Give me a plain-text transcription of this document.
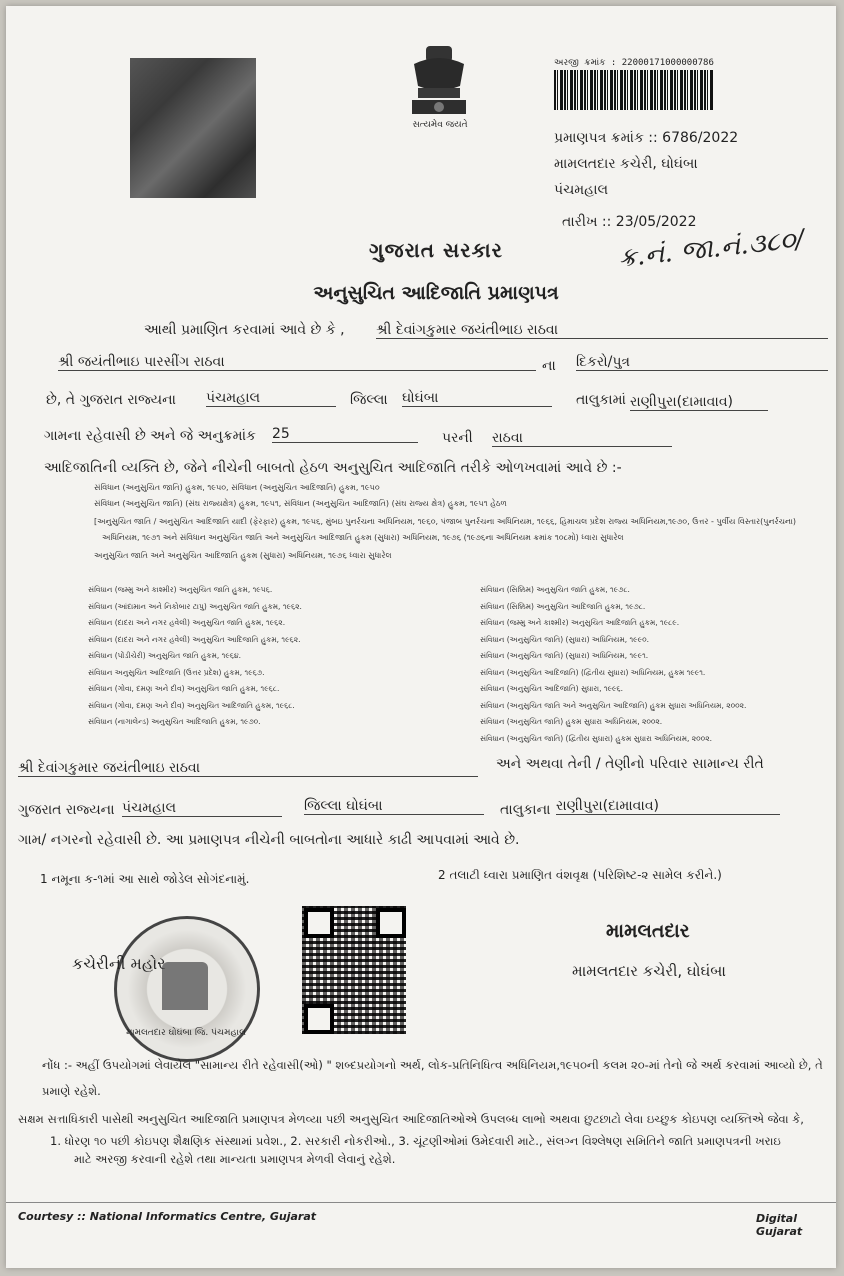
સત્યમેવ જયતે
અરજી ક્રમાંક : 22000171000000786
પ્રમાણપત્ર ક્રમાંક :: 6786/2022
મામલતદાર કચેરી, ઘોઘંબા
પંચમહાલ
તારીખ :: 23/05/2022
ગુજરાત સરકાર
અનુસુચિત આદિજાતિ પ્રમાણપત્ર
ક્ર.નં. જા.નં.૩૮૦/
આથી પ્રમાણિત કરવામાં આવે છે કે , શ્રી દેવાંગકુમાર જયંતીભાઇ રાઠવા
શ્રી જયંતીભાઇ પારસીંગ રાઠવા	ના દિકરો/પુત્ર
છે, તે ગુજરાત રાજ્યના પંચમહાલ	જિલ્લા ઘોઘંબા	તાલુકામાં રાણીપુરા(દામાવાવ)
ગામના રહેવાસી છે અને જે અનુક્રમાંક 25	પરની રાઠવા
આદિજાતિની વ્યક્તિ છે, જેને નીચેની બાબતો હેઠળ અનુસુચિત આદિજાતિ તરીકે ઓળખવામાં આવે છે :-
સંવિધાન (અનુસુચિત જાતિ) હુકમ, ૧૯૫૦, સંવિધાન (અનુસુચિત આદિજાતિ) હુકમ, ૧૯૫૦
સંવિધાન (અનુસુચિત જાતિ) (સંઘ રાજ્યક્ષેત્ર) હુકમ, ૧૯૫૧, સંવિધાન (અનુસુચિત આદિજાતિ) (સંઘ રાજ્ય ક્ષેત્ર) હુકમ, ૧૯૫૧ હેઠળ
[અનુસુચિત જાતિ / અનુસુચિત આદિજાતિ યાદી (ફેરફાર) હુકમ, ૧૯૫૬, મુંબઇ પુનર્રચના અધિનિયમ, ૧૯૬૦, પંજાબ પુનર્રચના અધિનિયમ, ૧૯૬૬, હિમાચલ પ્રદેશ રાજ્ય અધિનિયમ,૧૯૭૦, ઉત્તર - પુર્વીય વિસ્તાર(પુનર્રચના)
અધિનિયમ, ૧૯૭૧ અને સંવિધાન અનુસુચિત જાતિ અને અનુસુચિત આદિજાતિ હુકમ (સુધારા) અધિનિયમ, ૧૯૭૬ (૧૯૭૬ના અધિનિયમ ક્રમાંક ૧૦૮મો) ધ્વારા સુધારેલ
અનુસુચિત જાતિ અને અનુસુચિત આદિજાતિ હુકમ (સુધારા) અધિનિયમ, ૧૯૭૬ ધ્વારા સુધારેલ
સંવિધાન (જમ્મુ અને કાશ્મીર) અનુસુચિત જાતિ હુકમ, ૧૯૫૬.
સંવિધાન (આંદામાન અને નિકોબાર ટાપુ) અનુસુચિત જાતિ હુકમ, ૧૯૬૨.
સંવિધાન (દાદરા અને નગર હવેલી) અનુસુચિત જાતિ હુકમ, ૧૯૬૨.
સંવિધાન (દાદરા અને નગર હવેલી) અનુસુચિત આદિજાતિ હુકમ, ૧૯૬૨.
સંવિધાન (પોંડીચેરી) અનુસુચિત જાતિ હુકમ, ૧૯૬૪.
સંવિધાન અનુસુચિત આદિજાતિ (ઉત્તર પ્રદેશ) હુકમ, ૧૯૬૭.
સંવિધાન (ગોવા, દમણ અને દીવ) અનુસુચિત જાતિ હુકમ, ૧૯૬૮.
સંવિધાન (ગોવા, દમણ અને દીવ) અનુસુચિત આદિજાતિ હુકમ, ૧૯૬૮.
સંવિધાન (નાગાલેન્ડ) અનુસુચિત આદિજાતિ હુકમ, ૧૯૭૦.
સંવિધાન (સિક્કિમ) અનુસુચિત જાતિ હુકમ, ૧૯૭૮.
સંવિધાન (સિક્કિમ) અનુસુચિત આદિજાતિ હુકમ, ૧૯૭૮.
સંવિધાન (જમ્મુ અને કાશ્મીર) અનુસુચિત આદિજાતિ હુકમ, ૧૯૮૯.
સંવિધાન (અનુસુચિત જાતિ) (સુધારા) અધિનિયમ, ૧૯૯૦.
સંવિધાન (અનુસુચિત જાતિ) (સુધારા) અધિનિયમ, ૧૯૯૧.
સંવિધાન (અનુસુચિત આદિજાતિ) (દ્વિતીય સુધારા) અધિનિયમ, હુકમ ૧૯૯૧.
સંવિધાન (અનુસુચિત આદિજાતિ) સુધારા, ૧૯૯૬.
સંવિધાન (અનુસુચિત જાતિ અને અનુસુચિત આદિજાતિ) હુકમ સુધારા અધિનિયમ, ૨૦૦૨.
સંવિધાન (અનુસુચિત જાતિ) હુકમ સુધારા અધિનિયમ, ૨૦૦૨.
સંવિધાન (અનુસુચિત જાતિ) (દ્વિતીય સુધારા) હુકમ સુધારા અધિનિયમ, ૨૦૦૨.
શ્રી દેવાંગકુમાર જયંતીભાઇ રાઠવા	અને અથવા તેની / તેણીનો પરિવાર સામાન્ય રીતે
ગુજરાત રાજ્યના પંચમહાલ	જિલ્લા ઘોઘંબા	તાલુકાના રાણીપુરા(દામાવાવ)
ગામ/ નગરનો રહેવાસી છે. આ પ્રમાણપત્ર નીચેની બાબતોના આધારે કાઢી આપવામાં આવે છે.
1 નમૂના ક-૧માં આ સાથે જોડેલ સોગંદનામું.	2 તલાટી ધ્વારા પ્રમાણિત વંશવૃક્ષ (પરિશિષ્ટ-૨ સામેલ કરીને.)
કચેરીની મહોર
મામલતદાર ઘોઘંબા જિ. પંચમહાલ
મામલતદાર
મામલતદાર કચેરી, ઘોઘંબા
નોંધ :- અહીં ઉપયોગમાં લેવાયેલ "સામાન્ય રીતે રહેવાસી(ઓ) " શબ્દપ્રયોગનો અર્થ, લોક-પ્રતિનિધિત્વ અધિનિયમ,૧૯૫૦ની કલમ ૨૦-માં તેનો જે અર્થ કરવામાં આવ્યો છે, તે
પ્રમાણે રહેશે.
સક્ષમ સત્તાધિકારી પાસેથી અનુસુચિત આદિજાતિ પ્રમાણપત્ર મેળવ્યા પછી અનુસુચિત આદિજાતિઓએ ઉપલબ્ધ લાભો અથવા છુટછાટો લેવા ઇચ્છુક કોઇપણ વ્યક્તિએ જેવા કે,
1. ધોરણ ૧૦ પછી કોઇપણ શૈક્ષણિક સંસ્થામાં પ્રવેશ., 2. સરકારી નોકરીઓ., 3. ચૂંટણીઓમાં ઉમેદવારી માટે., સંલગ્ન વિશ્લેષણ સમિતિને જાતિ પ્રમાણપત્રની ખરાઇ
માટે અરજી કરવાની રહેશે તથા માન્યતા પ્રમાણપત્ર મેળવી લેવાનું રહેશે.
Courtesy :: National Informatics Centre, Gujarat	Digital Gujarat
